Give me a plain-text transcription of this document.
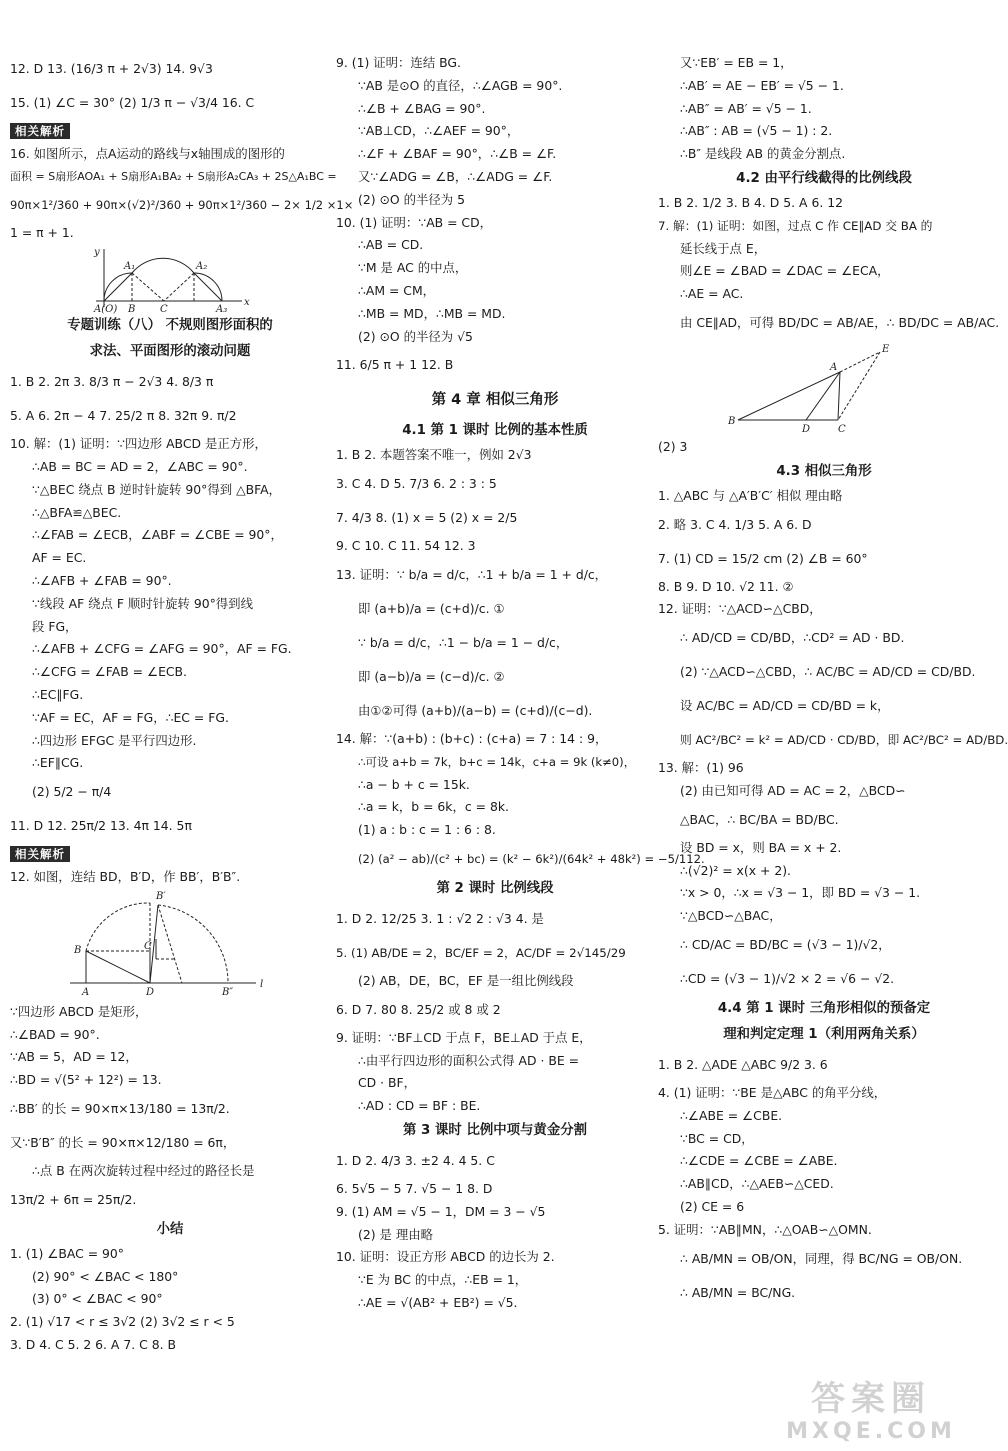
12. D 13. (16/3 π + 2√3) 14. 9√3
15. (1) ∠C = 30° (2) 1/3 π − √3/4 16. C
相关解析
16. 如图所示，点A运动的路线与x轴围成的图形的
面积 = S扇形AOA₁ + S扇形A₁BA₂ + S扇形A₂CA₃ + 2S△A₁BC =
90π×1²/360 + 90π×(√2)²/360 + 90π×1²/360 − 2× 1/2 ×1×
1 = π + 1.
y
x
A₁	A₂
A(O) B C	A₃
专题训练（八） 不规则图形面积的
求法、平面图形的滚动问题
1. B 2. 2π 3. 8/3 π − 2√3 4. 8/3 π
5. A 6. 2π − 4 7. 25/2 π 8. 32π 9. π/2
10. 解：(1) 证明：∵四边形 ABCD 是正方形，
∴AB = BC = AD = 2，∠ABC = 90°.
∵△BEC 绕点 B 逆时针旋转 90°得到 △BFA，
∴△BFA≌△BEC.
∴∠FAB = ∠ECB，∠ABF = ∠CBE = 90°，
AF = EC.
∴∠AFB + ∠FAB = 90°.
∵线段 AF 绕点 F 顺时针旋转 90°得到线
段 FG，
∴∠AFB + ∠CFG = ∠AFG = 90°，AF = FG.
∴∠CFG = ∠FAB = ∠ECB.
∴EC∥FG.
∵AF = EC，AF = FG，∴EC = FG.
∴四边形 EFGC 是平行四边形.
∴EF∥CG.
(2) 5/2 − π/4
11. D 12. 25π/2 13. 4π 14. 5π
相关解析
12. 如图，连结 BD，B′D，作 BB′，B′B″.
B′
B	C
A	D	B″
l
∵四边形 ABCD 是矩形，
∴∠BAD = 90°.
∵AB = 5，AD = 12，
∴BD = √(5² + 12²) = 13.
∴BB′ 的长 = 90×π×13/180 = 13π/2.
又∵B′B″ 的长 = 90×π×12/180 = 6π，
∴点 B 在两次旋转过程中经过的路径长是
13π/2 + 6π = 25π/2.
小结
1. (1) ∠BAC = 90°
(2) 90° < ∠BAC < 180°
(3) 0° < ∠BAC < 90°
2. (1) √17 < r ≤ 3√2 (2) 3√2 ≤ r < 5
3. D 4. C 5. 2 6. A 7. C 8. B
9. (1) 证明：连结 BG.
∵AB 是⊙O 的直径，∴∠AGB = 90°.
∴∠B + ∠BAG = 90°.
∵AB⊥CD，∴∠AEF = 90°，
∴∠F + ∠BAF = 90°，∴∠B = ∠F.
又∵∠ADG = ∠B，∴∠ADG = ∠F.
(2) ⊙O 的半径为 5
10. (1) 证明：∵AB = CD，
∴AB = CD.
∵M 是 AC 的中点，
∴AM = CM，
∴MB = MD，∴MB = MD.
(2) ⊙O 的半径为 √5
11. 6/5 π + 1 12. B
第 4 章 相似三角形
4.1 第 1 课时 比例的基本性质
1. B 2. 本题答案不唯一，例如 2√3
3. C 4. D 5. 7/3 6. 2 : 3 : 5
7. 4/3 8. (1) x = 5 (2) x = 2/5
9. C 10. C 11. 54 12. 3
13. 证明：∵ b/a = d/c，∴1 + b/a = 1 + d/c，
即 (a+b)/a = (c+d)/c. ①
∵ b/a = d/c，∴1 − b/a = 1 − d/c，
即 (a−b)/a = (c−d)/c. ②
由①②可得 (a+b)/(a−b) = (c+d)/(c−d).
14. 解：∵(a+b) : (b+c) : (c+a) = 7 : 14 : 9，
∴可设 a+b = 7k，b+c = 14k，c+a = 9k (k≠0)，
∴a − b + c = 15k.
∴a = k，b = 6k，c = 8k.
(1) a : b : c = 1 : 6 : 8.
(2) (a² − ab)/(c² + bc) = (k² − 6k²)/(64k² + 48k²) = −5/112.
第 2 课时 比例线段
1. D 2. 12/25 3. 1 : √2 2 : √3 4. 是
5. (1) AB/DE = 2，BC/EF = 2，AC/DF = 2√145/29
(2) AB，DE，BC，EF 是一组比例线段
6. D 7. 80 8. 25/2 或 8 或 2
9. 证明：∵BF⊥CD 于点 F，BE⊥AD 于点 E，
∴由平行四边形的面积公式得 AD · BE =
CD · BF，
∴AD : CD = BF : BE.
第 3 课时 比例中项与黄金分割
1. D 2. 4/3 3. ±2 4. 4 5. C
6. 5√5 − 5 7. √5 − 1 8. D
9. (1) AM = √5 − 1，DM = 3 − √5
(2) 是 理由略
10. 证明：设正方形 ABCD 的边长为 2.
∵E 为 BC 的中点，∴EB = 1，
∴AE = √(AB² + EB²) = √5.
又∵EB′ = EB = 1，
∴AB′ = AE − EB′ = √5 − 1.
∴AB″ = AB′ = √5 − 1.
∴AB″ : AB = (√5 − 1) : 2.
∴B″ 是线段 AB 的黄金分割点.
4.2 由平行线截得的比例线段
1. B 2. 1/2 3. B 4. D 5. A 6. 12
7. 解：(1) 证明：如图，过点 C 作 CE∥AD 交 BA 的
延长线于点 E，
则∠E = ∠BAD = ∠DAC = ∠ECA，
∴AE = AC.
由 CE∥AD，可得 BD/DC = AB/AE，∴ BD/DC = AB/AC.
E
A
B
D	C
(2) 3
4.3 相似三角形
1. △ABC 与 △A′B′C′ 相似 理由略
2. 略 3. C 4. 1/3 5. A 6. D
7. (1) CD = 15/2 cm (2) ∠B = 60°
8. B 9. D 10. √2 11. ②
12. 证明：∵△ACD∽△CBD，
∴ AD/CD = CD/BD，∴CD² = AD · BD.
(2) ∵△ACD∽△CBD，∴ AC/BC = AD/CD = CD/BD.
设 AC/BC = AD/CD = CD/BD = k，
则 AC²/BC² = k² = AD/CD · CD/BD，即 AC²/BC² = AD/BD.
13. 解：(1) 96
(2) 由已知可得 AD = AC = 2，△BCD∽
△BAC，∴ BC/BA = BD/BC.
设 BD = x，则 BA = x + 2.
∴(√2)² = x(x + 2).
∵x > 0，∴x = √3 − 1，即 BD = √3 − 1.
∵△BCD∽△BAC，
∴ CD/AC = BD/BC = (√3 − 1)/√2，
∴CD = (√3 − 1)/√2 × 2 = √6 − √2.
4.4 第 1 课时 三角形相似的预备定
理和判定定理 1（利用两角关系）
1. B 2. △ADE △ABC 9/2 3. 6
4. (1) 证明：∵BE 是△ABC 的角平分线，
∴∠ABE = ∠CBE.
∵BC = CD，
∴∠CDE = ∠CBE = ∠ABE.
∴AB∥CD，∴△AEB∽△CED.
(2) CE = 6
5. 证明：∵AB∥MN，∴△OAB∽△OMN.
∴ AB/MN = OB/ON，同理，得 BC/NG = OB/ON.
∴ AB/MN = BC/NG.
答案圈
MXQE.COM
